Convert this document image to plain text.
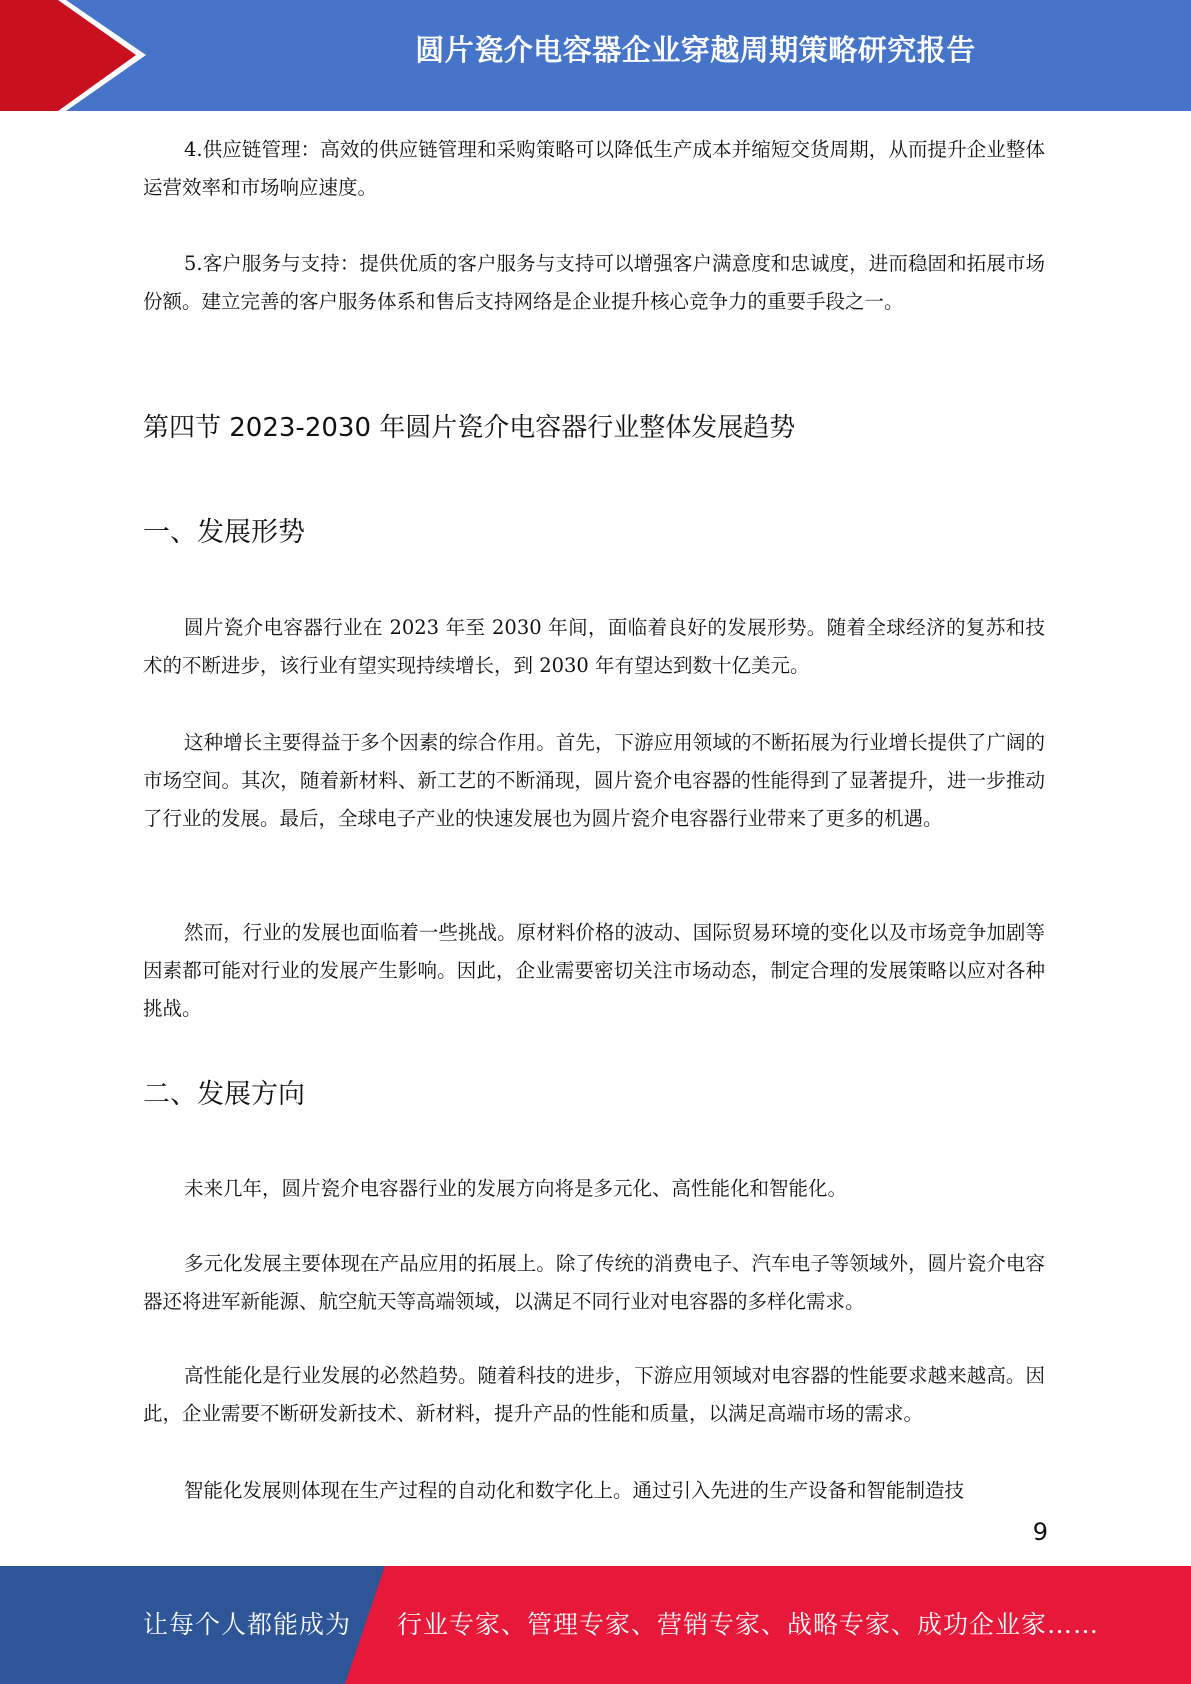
圆片瓷介电容器企业穿越周期策略研究报告

4.供应链管理：高效的供应链管理和采购策略可以降低生产成本并缩短交货周期，从而提升企业整体运营效率和市场响应速度。

5.客户服务与支持：提供优质的客户服务与支持可以增强客户满意度和忠诚度，进而稳固和拓展市场份额。建立完善的客户服务体系和售后支持网络是企业提升核心竞争力的重要手段之一。

第四节 2023-2030 年圆片瓷介电容器行业整体发展趋势
一、发展形势

圆片瓷介电容器行业在 2023 年至 2030 年间，面临着良好的发展形势。随着全球经济的复苏和技术的不断进步，该行业有望实现持续增长，到 2030 年有望达到数十亿美元。

这种增长主要得益于多个因素的综合作用。首先，下游应用领域的不断拓展为行业增长提供了广阔的市场空间。其次，随着新材料、新工艺的不断涌现，圆片瓷介电容器的性能得到了显著提升，进一步推动了行业的发展。最后，全球电子产业的快速发展也为圆片瓷介电容器行业带来了更多的机遇。

然而，行业的发展也面临着一些挑战。原材料价格的波动、国际贸易环境的变化以及市场竞争加剧等因素都可能对行业的发展产生影响。因此，企业需要密切关注市场动态，制定合理的发展策略以应对各种挑战。

二、发展方向

未来几年，圆片瓷介电容器行业的发展方向将是多元化、高性能化和智能化。

多元化发展主要体现在产品应用的拓展上。除了传统的消费电子、汽车电子等领域外，圆片瓷介电容器还将进军新能源、航空航天等高端领域，以满足不同行业对电容器的多样化需求。

高性能化是行业发展的必然趋势。随着科技的进步，下游应用领域对电容器的性能要求越来越高。因此，企业需要不断研发新技术、新材料，提升产品的性能和质量，以满足高端市场的需求。

智能化发展则体现在生产过程的自动化和数字化上。通过引入先进的生产设备和智能制造技

9
让每个人都能成为 行业专家、管理专家、营销专家、战略专家、成功企业家……
